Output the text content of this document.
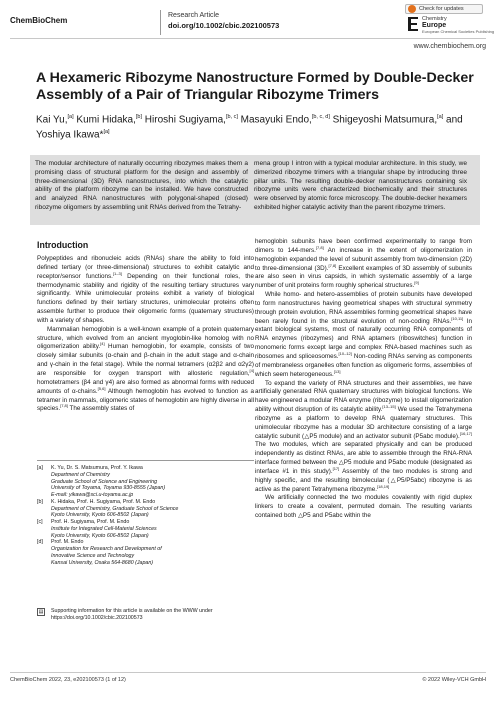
ChemBioChem
Research Article
doi.org/10.1002/cbic.202100573
Check for updates
Chemistry
Europe
European Chemical Societies Publishing
www.chembiochem.org
A Hexameric Ribozyme Nanostructure Formed by Double-Decker Assembly of a Pair of Triangular Ribozyme Trimers
Kai Yu,[a] Kumi Hidaka,[b] Hiroshi Sugiyama,[b, c] Masayuki Endo,[b, c, d] Shigeyoshi Matsumura,[a] and Yoshiya Ikawa*[a]
The modular architecture of naturally occurring ribozymes makes them a promising class of structural platform for the design and assembly of three-dimensional (3D) RNA nanostructures, into which the catalytic ability of the platform ribozyme can be installed. We have constructed and analyzed RNA nanostructures with polygonal-shaped (closed) ribozyme oligomers by assembling unit RNAs derived from the Tetrahy-
mena group I intron with a typical modular architecture. In this study, we dimerized ribozyme trimers with a triangular shape by introducing three pillar units. The resulting double-decker nanostructures containing six ribozyme units were characterized biochemically and their structures were observed by atomic force microscopy. The double-decker hexamers exhibited higher catalytic activity than the parent ribozyme trimers.
Introduction

Polypeptides and ribonucleic acids (RNAs) share the ability to fold into defined tertiary (or three-dimensional) structures to exhibit catalytic and receptor/sensor functions.[1–3] Depending on their functional roles, the thermodynamic stability and rigidity of the resulting tertiary structures vary significantly. While unimolecular proteins exhibit a variety of biological functions defined by their tertiary structures, unimolecular proteins often assemble further to produce their oligomeric forms (quaternary structures) with a variety of shapes.

Mammalian hemoglobin is a well-known example of a protein quaternary structure, which evolved from an ancient myoglobin-like homolog with no oligomerization ability.[4] Human hemoglobin, for example, consists of two closely similar subunits (α-chain and β-chain in the adult stage and α-chain and γ-chain in the fetal stage). While the normal tetramers (α2β2 and α2γ2) are responsible for oxygen transport with allosteric regulation,[4] homotetramers (β4 and γ4) are also formed as abnormal forms with reduced amounts of α-chains.[5,6] Although hemoglobin has evolved to function as a tetramer in mammals, oligomeric states of hemoglobin are highly diverse in all species.[7,8] The assembly states of

hemoglobin subunits have been confirmed experimentally to range from dimers to 144-mers.[7,8] An increase in the extent of oligomerization in hemoglobin expanded the level of subunit assembly from two-dimension (2D) to three-dimensional (3D).[7,8] Excellent examples of 3D assembly of subunits are also seen in virus capsids, in which systematic assembly of a large number of unit proteins form roughly spherical structures.[9]

While homo- and hetero-assemblies of protein subunits have developed to form nanostructures having geometrical shapes with structural symmetry through protein evolution, RNA assemblies forming geometrical shapes have been rarely found in the structural evolution of non-coding RNAs.[10,11] In extant biological systems, most of naturally occurring RNA components of RNA enzymes (ribozymes) and RNA aptamers (riboswitches) function in monomeric forms except large and complex RNA-based machines such as ribosomes and spliceosomes.[10–12] Non-coding RNAs serving as components of membraneless organelles often function as oligomeric forms, assemblies of which seem heterogeneous.[13]

To expand the variety of RNA structures and their assemblies, we have artificially generated RNA quaternary structures with biological functions. We have engineered a modular RNA enzyme (ribozyme) to install oligomerization ability without disruption of its catalytic ability.[13–15] We used the Tetrahymena ribozyme as a platform to develop RNA quaternary structures. This unimolecular ribozyme has a modular 3D architecture consisting of a large catalytic subunit (△P5 module) and an activator subunit (P5abc module).[16,17] The two modules, which are separated physically and can be produced independently as distinct RNAs, are able to assemble through the RNA-RNA interface formed between the △P5 module and P5abc module (designated as interface #1 in this study).[17] Assembly of the two modules is strong and highly specific, and the resulting bimolecular (△P5/P5abc) ribozyme is as active as the parent Tetrahymena ribozyme.[18,19]

We artificially connected the two modules covalently with rigid duplex linkers to create a covalent, permuted domain. The resulting variants contained both △P5 and P5abc within the

[a] K. Yu, Dr. S. Matsumura, Prof. Y. Ikawa
Department of Chemistry
Graduate School of Science and Engineering
University of Toyama, Toyama 930-8555 (Japan)
E-mail: yikawa@sci.u-toyama.ac.jp
[b] K. Hidaka, Prof. H. Sugiyama, Prof. M. Endo
Department of Chemistry, Graduate School of Science
Kyoto University, Kyoto 606-8502 (Japan)
[c] Prof. H. Sugiyama, Prof. M. Endo
Institute for Integrated Cell-Material Sciences
Kyoto University, Kyoto 606-8502 (Japan)
[d] Prof. M. Endo
Organization for Research and Development of
Innovative Science and Technology
Kansai University, Osaka 564-8680 (Japan)
▤	Supporting information for this article is available on the WWW under https://doi.org/10.1002/cbic.202100573
ChemBioChem 2022, 23, e202100573 (1 of 12)	© 2022 Wiley-VCH GmbH
